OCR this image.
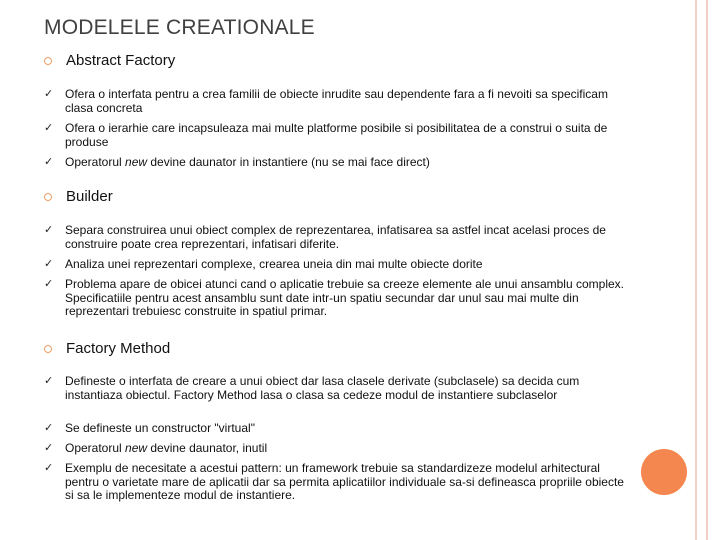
MODELELE CREATIONALE
Abstract Factory
✓ Ofera o interfata pentru a crea familii de obiecte inrudite sau dependente fara a fi nevoiti sa specificam clasa concreta
✓ Ofera o ierarhie care incapsuleaza mai multe platforme posibile si posibilitatea de a construi o suita de produse
✓ Operatorul new devine daunator in instantiere (nu se mai face direct)
Builder
✓ Separa construirea unui obiect complex de reprezentarea, infatisarea sa astfel incat acelasi proces de construire poate crea reprezentari, infatisari diferite.
✓ Analiza unei reprezentari complexe, crearea uneia din mai multe obiecte dorite
✓ Problema apare de obicei atunci cand o aplicatie trebuie sa creeze elemente ale unui ansamblu complex. Specificatiile pentru acest ansamblu sunt date intr-un spatiu secundar dar unul sau mai multe din reprezentari trebuiesc construite in spatiul primar.
Factory Method
✓ Defineste o interfata de creare a unui obiect dar lasa clasele derivate (subclasele) sa decida cum instantiaza obiectul. Factory Method lasa o clasa sa cedeze modul de instantiere subclaselor
✓ Se defineste un constructor "virtual"
✓ Operatorul new devine daunator, inutil
✓ Exemplu de necesitate a acestui pattern: un framework trebuie sa standardizeze modelul arhitectural pentru o varietate mare de aplicatii dar sa permita aplicatiilor individuale sa-si defineasca propriile obiecte si sa le implementeze modul de instantiere.
